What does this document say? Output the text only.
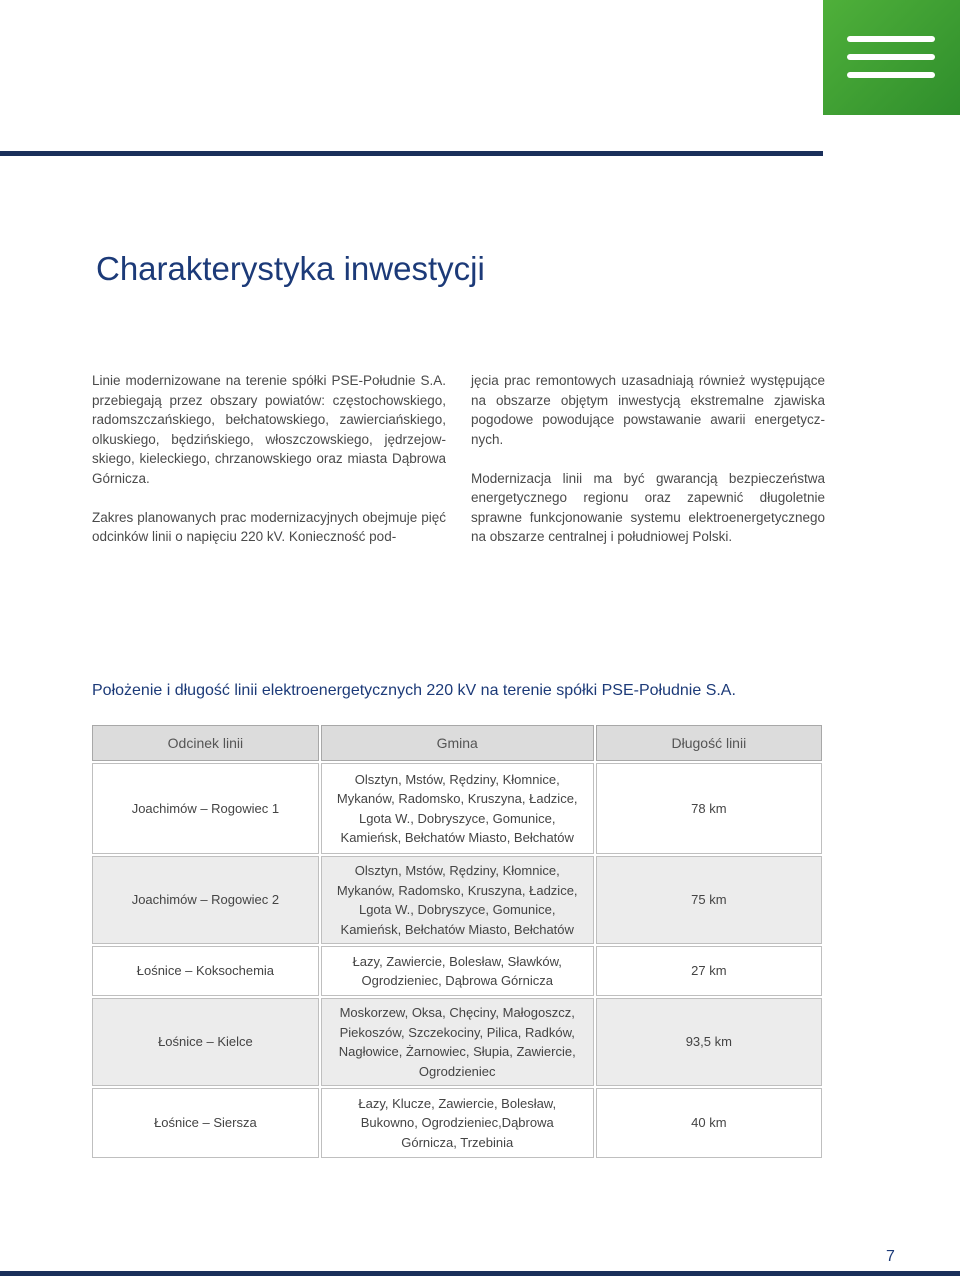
Charakterystyka inwestycji

Linie modernizowane na terenie spółki PSE-Południe S.A. przebiegają przez obszary powiatów: częstochowskiego, radomszczańskiego, bełchatowskiego, zawierciańskiego, olkuskiego, będzińskiego, włoszczowskiego, jędrzejowskiego, kieleckiego, chrzanowskiego oraz miasta Dąbrowa Górnicza.

Zakres planowanych prac modernizacyjnych obejmuje pięć odcinków linii o napięciu 220 kV. Konieczność pod-

jęcia prac remontowych uzasadniają również występujące na obszarze objętym inwestycją ekstremalne zjawiska pogodowe powodujące powstawanie awarii energetycznych.

Modernizacja linii ma być gwarancją bezpieczeństwa energetycznego regionu oraz zapewnić długoletnie sprawne funkcjonowanie systemu elektroenergetycznego na obszarze centralnej i południowej Polski.

Położenie i długość linii elektroenergetycznych 220 kV na terenie spółki PSE-Południe S.A.
Odcinek linii	Gmina	Długość linii
Joachimów – Rogowiec 1	Olsztyn, Mstów, Rędziny, Kłomnice, Mykanów, Radomsko, Kruszyna, Ładzice, Lgota W., Dobryszyce, Gomunice, Kamieńsk, Bełchatów Miasto, Bełchatów	78 km
Joachimów – Rogowiec 2	Olsztyn, Mstów, Rędziny, Kłomnice, Mykanów, Radomsko, Kruszyna, Ładzice, Lgota W., Dobryszyce, Gomunice, Kamieńsk, Bełchatów Miasto, Bełchatów	75 km
Łośnice – Koksochemia	Łazy, Zawiercie, Bolesław, Sławków, Ogrodzieniec, Dąbrowa Górnicza	27 km
Łośnice – Kielce	Moskorzew, Oksa, Chęciny, Małogoszcz, Piekoszów, Szczekociny, Pilica, Radków, Nagłowice, Żarnowiec, Słupia, Zawiercie, Ogrodzieniec	93,5 km
Łośnice – Siersza	Łazy, Klucze, Zawiercie, Bolesław, Bukowno, Ogrodzieniec,Dąbrowa Górnicza, Trzebinia	40 km
7
